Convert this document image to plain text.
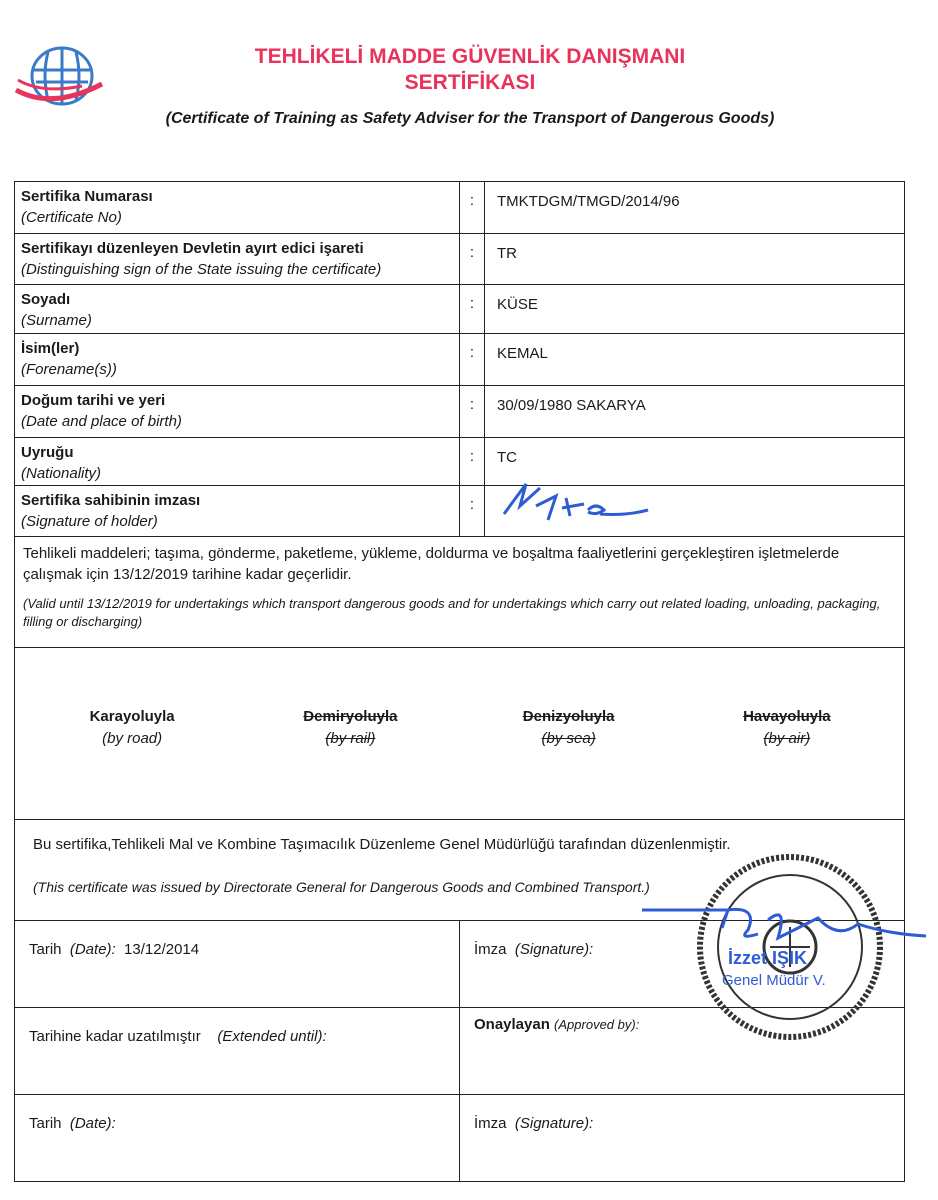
TEHLİKELİ MADDE GÜVENLİK DANIŞMANI
SERTİFİKASI
(Certificate of Training as Safety Adviser for the Transport of Dangerous Goods)
Sertifika Numarası
(Certificate No)
:	TMKTDGM/TMGD/2014/96
Sertifikayı düzenleyen Devletin ayırt edici işareti
(Distinguishing sign of the State issuing the certificate)
:	TR
Soyadı
(Surname)
:	KÜSE
İsim(ler)
(Forename(s))
:	KEMAL
Doğum tarihi ve yeri
(Date and place of birth)
:	30/09/1980 SAKARYA
Uyruğu
(Nationality)
:	TC
Sertifika sahibinin imzası
(Signature of holder)
:
Tehlikeli maddeleri; taşıma, gönderme, paketleme, yükleme, doldurma ve boşaltma faaliyetlerini gerçekleştiren işletmelerde çalışmak için 13/12/2019 tarihine kadar geçerlidir.
(Valid until 13/12/2019 for undertakings which transport dangerous goods and for undertakings which carry out related loading, unloading, packaging, filling or discharging)
Karayoluyla
(by road)
Demiryoluyla
(by rail)
Denizyoluyla
(by sea)
Havayoluyla
(by air)
Bu sertifika,Tehlikeli Mal ve Kombine Taşımacılık Düzenleme Genel Müdürlüğü tarafından düzenlenmiştir.
(This certificate was issued by Directorate General for Dangerous Goods and Combined Transport.)
Tarih (Date): 13/12/2014	İmza (Signature):
Tarihine kadar uzatılmıştır (Extended until):
Onaylayan (Approved by):
Tarih (Date):	İmza (Signature):
İzzet IŞIK
Genel Müdür V.
